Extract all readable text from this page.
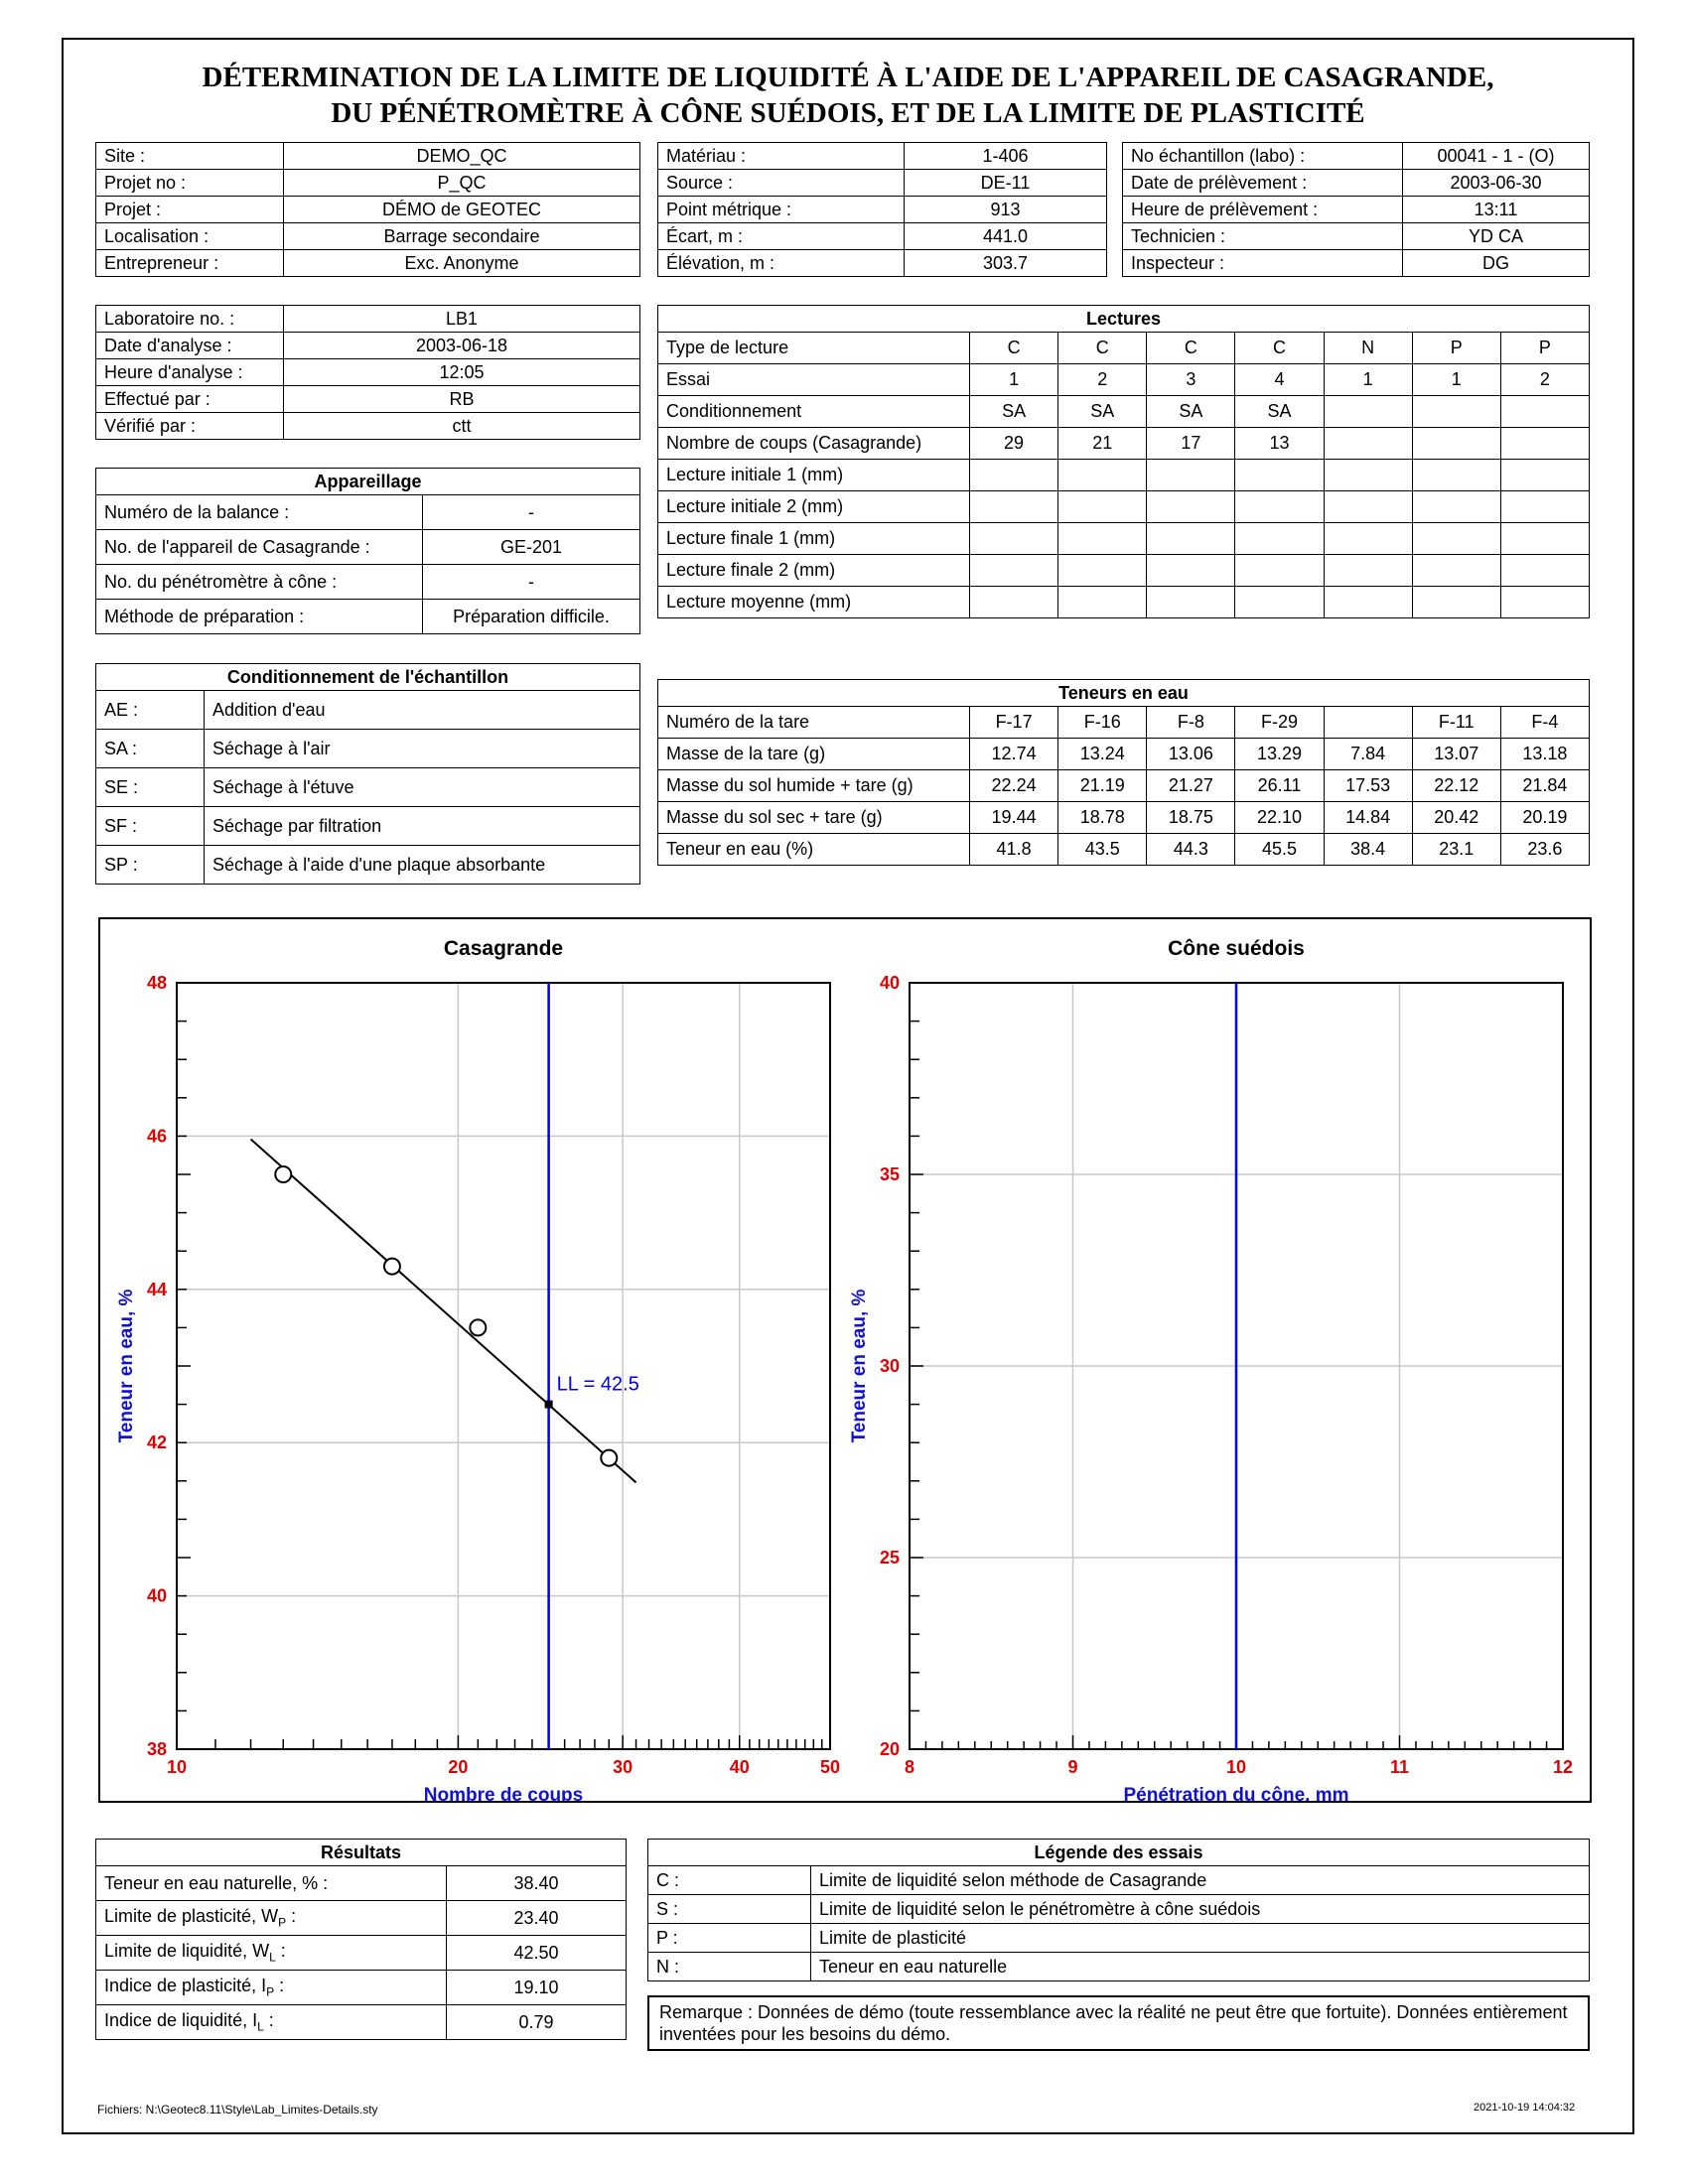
DÉTERMINATION DE LA LIMITE DE LIQUIDITÉ À L'AIDE DE L'APPAREIL DE CASAGRANDE,
DU PÉNÉTROMÈTRE À CÔNE SUÉDOIS, ET DE LA LIMITE DE PLASTICITÉ
Site :	DEMO_QC
Projet no :	P_QC
Projet :	DÉMO de GEOTEC
Localisation :	Barrage secondaire
Entrepreneur :	Exc. Anonyme
Matériau :	1-406
Source :	DE-11
Point métrique :	913
Écart, m :	441.0
Élévation, m :	303.7
No échantillon (labo) :	00041 - 1 - (O)
Date de prélèvement :	2003-06-30
Heure de prélèvement :	13:11
Technicien :	YD CA
Inspecteur :	DG
Laboratoire no. :	LB1
Date d'analyse :	2003-06-18
Heure d'analyse :	12:05
Effectué par :	RB
Vérifié par :	ctt
Appareillage	
Numéro de la balance :	-
No. de l'appareil de Casagrande :	GE-201
No. du pénétromètre à cône :	-
Méthode de préparation :	Préparation difficile.
Conditionnement de l'échantillon	
AE :	Addition d'eau
SA :	Séchage à l'air
SE :	Séchage à l'étuve
SF :	Séchage par filtration
SP :	Séchage à l'aide d'une plaque absorbante
Lectures							
Type de lecture	C	C	C	C	N	P	P
Essai	1	2	3	4	1	1	2
Conditionnement	SA	SA	SA	SA			
Nombre de coups (Casagrande)	29	21	17	13			
Lecture initiale 1 (mm)							
Lecture initiale 2 (mm)							
Lecture finale 1 (mm)							
Lecture finale 2 (mm)							
Lecture moyenne (mm)							
Teneurs en eau							
Numéro de la tare	F-17	F-16	F-8	F-29		F-11	F-4
Masse de la tare (g)	12.74	13.24	13.06	13.29	7.84	13.07	13.18
Masse du sol humide + tare (g)	22.24	21.19	21.27	26.11	17.53	22.12	21.84
Masse du sol sec + tare (g)	19.44	18.78	18.75	22.10	14.84	20.42	20.19
Teneur en eau (%)	41.8	43.5	44.3	45.5	38.4	23.1	23.6
Casagrande
10	20	30	40	50
38
40
42
44
46
48
Nombre de coups
Teneur en eau, %	LL = 42.5
Cône suédois
8	9	10	11	12
20
25
30
35
40
Pénétration du cône, mm
Teneur en eau, %
Résultats	
Teneur en eau naturelle, % :	38.40
Limite de plasticité, $W_P$ :	23.40
Limite de liquidité, $W_L$ :	42.50
Indice de plasticité, $I_P$ :	19.10
Indice de liquidité, $I_L$ :	0.79
Légende des essais	
C :	Limite de liquidité selon méthode de Casagrande
S :	Limite de liquidité selon le pénétromètre à cône suédois
P :	Limite de plasticité
N :	Teneur en eau naturelle
Remarque : Données de démo (toute ressemblance avec la réalité ne peut être que fortuite). Données entièrement inventées pour les besoins du démo.
Fichiers: N:\Geotec8.11\Style\Lab_Limites-Details.sty	2021-10-19 14:04:32
